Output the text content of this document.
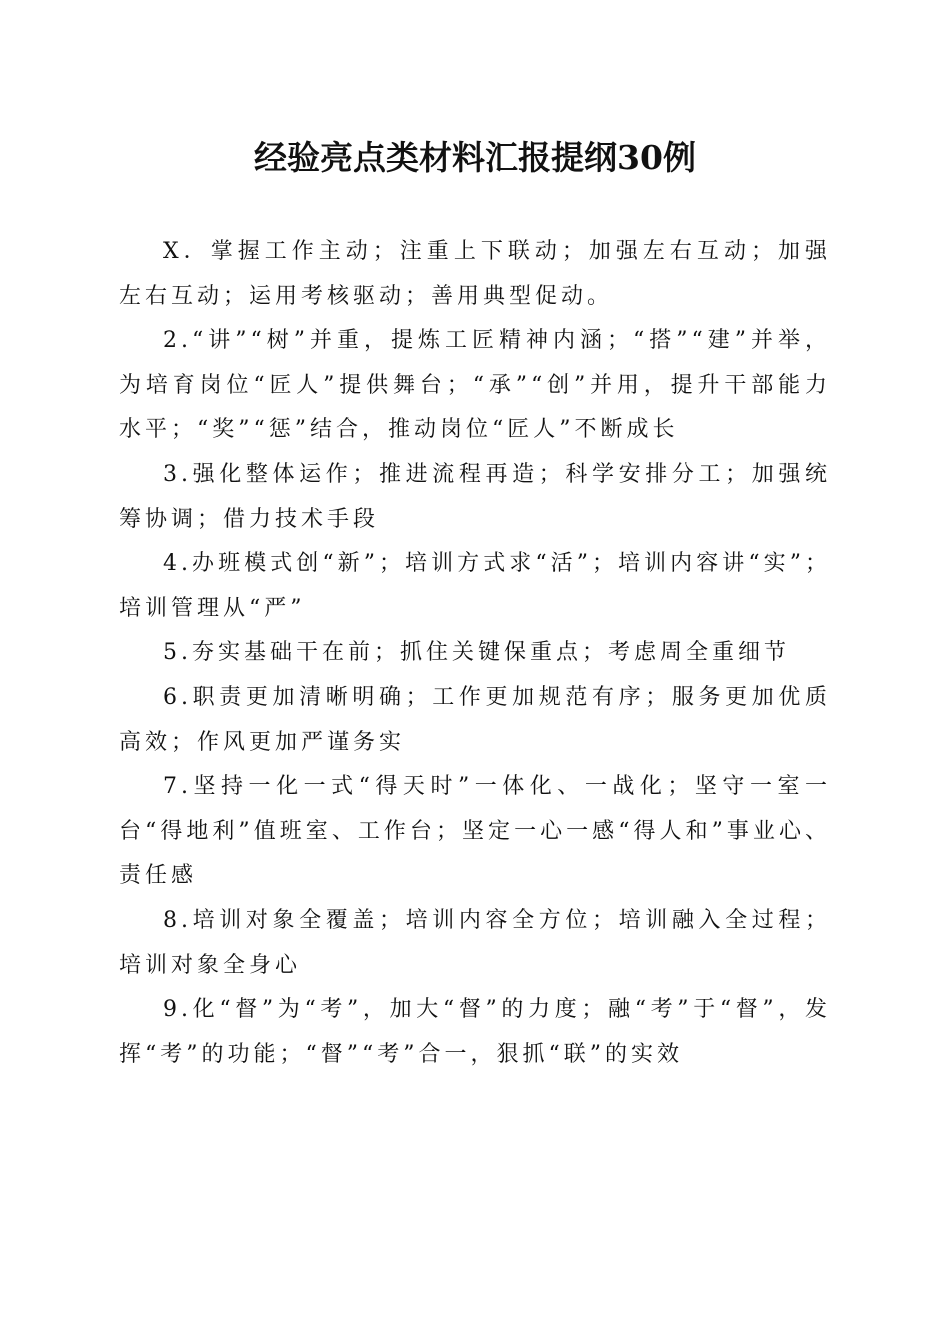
经验亮点类材料汇报提纲30例

X．掌握工作主动；注重上下联动；加强左右互动；加强左右互动；运用考核驱动；善用典型促动。

2.“讲”“树”并重，提炼工匠精神内涵；“搭”“建”并举，为培育岗位“匠人”提供舞台；“承”“创”并用，提升干部能力水平；“奖”“惩”结合，推动岗位“匠人”不断成长

3.强化整体运作；推进流程再造；科学安排分工；加强统筹协调；借力技术手段

4.办班模式创“新”；培训方式求“活”；培训内容讲“实”；培训管理从“严”

5.夯实基础干在前；抓住关键保重点；考虑周全重细节

6.职责更加清晰明确；工作更加规范有序；服务更加优质高效；作风更加严谨务实

7.坚持一化一式“得天时”一体化、一战化；坚守一室一台“得地利”值班室、工作台；坚定一心一感“得人和”事业心、责任感

8.培训对象全覆盖；培训内容全方位；培训融入全过程；培训对象全身心

9.化“督”为“考”，加大“督”的力度；融“考”于“督”，发挥“考”的功能；“督”“考”合一，狠抓“联”的实效
